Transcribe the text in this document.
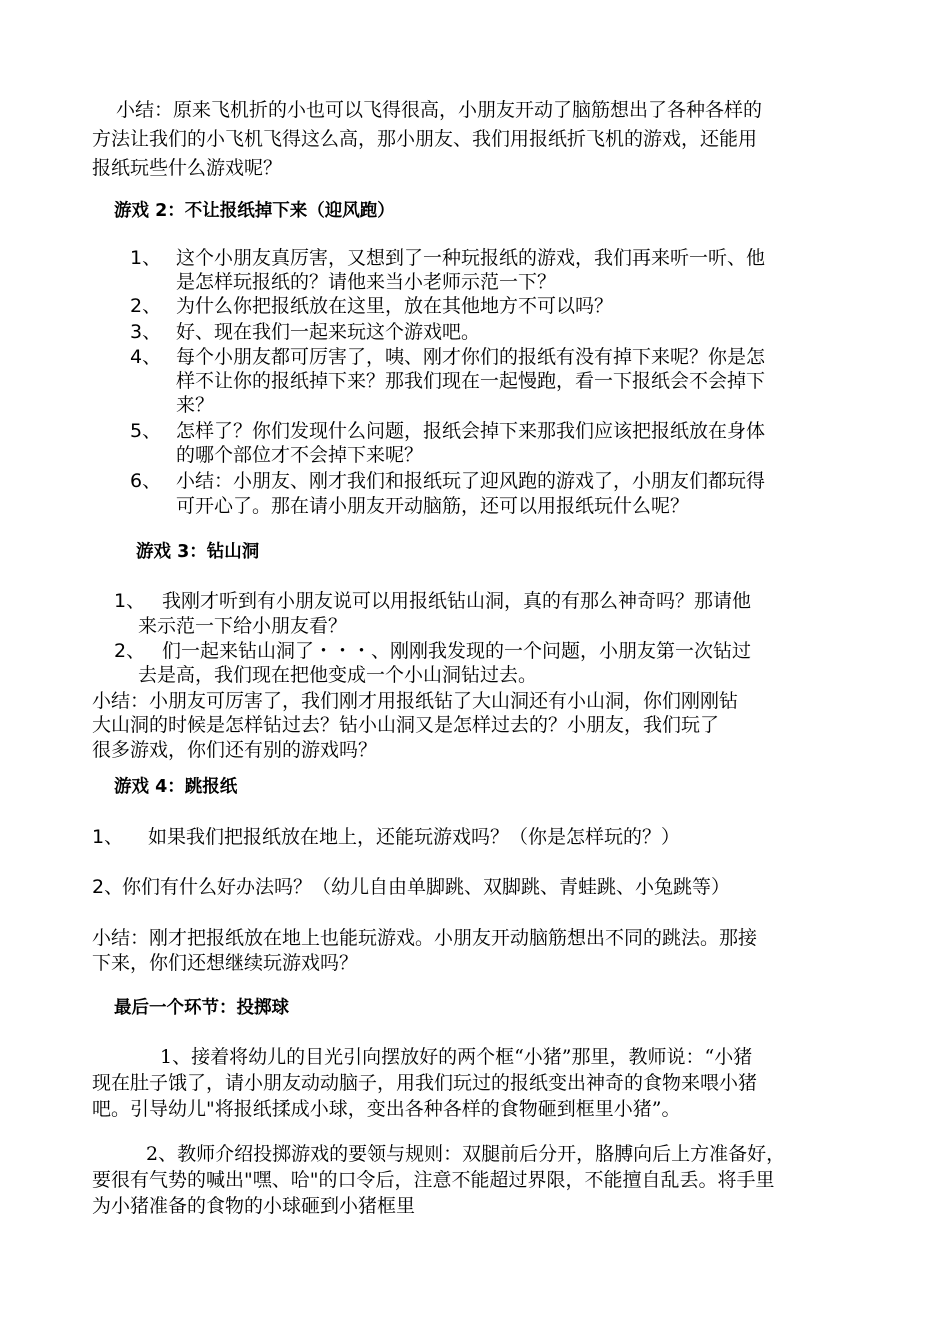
小结：原来飞机折的小也可以飞得很高，小朋友开动了脑筋想出了各种各样的
方法让我们的小飞机飞得这么高，那小朋友、我们用报纸折飞机的游戏，还能用
报纸玩些什么游戏呢？
游戏 2：不让报纸掉下来（迎风跑）
1、 这个小朋友真厉害，又想到了一种玩报纸的游戏，我们再来听一听、他
是怎样玩报纸的？请他来当小老师示范一下？
2、 为什么你把报纸放在这里，放在其他地方不可以吗？
3、 好、现在我们一起来玩这个游戏吧。
4、 每个小朋友都可厉害了，咦、刚才你们的报纸有没有掉下来呢？你是怎
样不让你的报纸掉下来？那我们现在一起慢跑，看一下报纸会不会掉下
来？
5、 怎样了？你们发现什么问题，报纸会掉下来那我们应该把报纸放在身体
的哪个部位才不会掉下来呢？
6、 小结：小朋友、刚才我们和报纸玩了迎风跑的游戏了，小朋友们都玩得
可开心了。那在请小朋友开动脑筋，还可以用报纸玩什么呢？
游戏 3：钻山洞
1、 我刚才听到有小朋友说可以用报纸钻山洞，真的有那么神奇吗？那请他
来示范一下给小朋友看？
2、 们一起来钻山洞了・・・、刚刚我发现的一个问题，小朋友第一次钻过
去是高，我们现在把他变成一个小山洞钻过去。
小结：小朋友可厉害了，我们刚才用报纸钻了大山洞还有小山洞，你们刚刚钻
大山洞的时候是怎样钻过去？钻小山洞又是怎样过去的？小朋友，我们玩了
很多游戏，你们还有别的游戏吗？
游戏 4：跳报纸
1、 如果我们把报纸放在地上，还能玩游戏吗？（你是怎样玩的？）
2、
你们有什么好办法吗？（幼儿自由单脚跳、双脚跳、青蛙跳、小兔跳等）
小结：刚才把报纸放在地上也能玩游戏。小朋友开动脑筋想出不同的跳法。那接
下来，你们还想继续玩游戏吗？
最后一个环节：投掷球
1、接着将幼儿的目光引向摆放好的两个框“小猪”那里，教师说：“小猪
现在肚子饿了，请小朋友动动脑子，用我们玩过的报纸变出神奇的食物来喂小猪
吧。引导幼儿"将报纸揉成小球，变出各种各样的食物砸到框里小猪”。
2、教师介绍投掷游戏的要领与规则：双腿前后分开，胳膊向后上方准备好，
要很有气势的喊出"嘿、哈"的口令后，注意不能超过界限，不能擅自乱丢。将手里
为小猪准备的食物的小球砸到小猪框里
